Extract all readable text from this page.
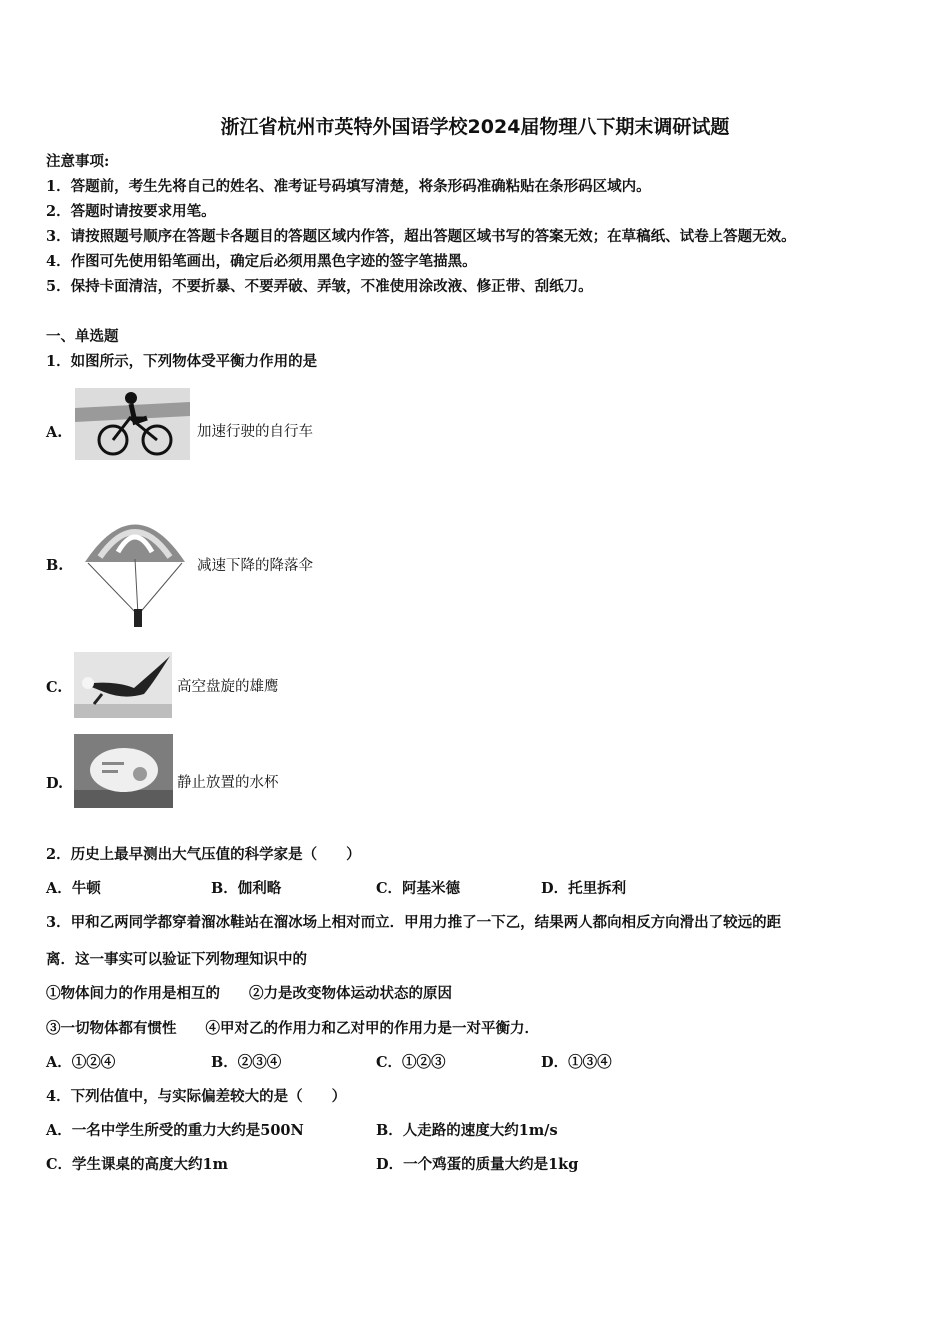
浙江省杭州市英特外国语学校2024届物理八下期末调研试题
注意事项:
1．答题前，考生先将自己的姓名、准考证号码填写清楚，将条形码准确粘贴在条形码区域内。
2．答题时请按要求用笔。
3．请按照题号顺序在答题卡各题目的答题区域内作答，超出答题区域书写的答案无效；在草稿纸、试卷上答题无效。
4．作图可先使用铅笔画出，确定后必须用黑色字迹的签字笔描黑。
5．保持卡面清洁，不要折暴、不要弄破、弄皱，不准使用涂改液、修正带、刮纸刀。
一、单选题
1．如图所示，下列物体受平衡力作用的是
A.	加速行驶的自行车
B.	减速下降的降落伞
C.	高空盘旋的雄鹰
D.	静止放置的水杯
2．历史上最早测出大气压值的科学家是（　　）
A．牛顿	B．伽利略	C．阿基米德	D．托里拆利
3．甲和乙两同学都穿着溜冰鞋站在溜冰场上相对而立．甲用力推了一下乙，结果两人都向相反方向滑出了较远的距
离．这一事实可以验证下列物理知识中的
①物体间力的作用是相互的　　②力是改变物体运动状态的原因
③一切物体都有惯性　　④甲对乙的作用力和乙对甲的作用力是一对平衡力．
A．①②④	B．②③④	C．①②③	D．①③④
4．下列估值中，与实际偏差较大的是（　　）
A．一名中学生所受的重力大约是500N	B．人走路的速度大约1m/s
C．学生课桌的高度大约1m	D．一个鸡蛋的质量大约是1kg
